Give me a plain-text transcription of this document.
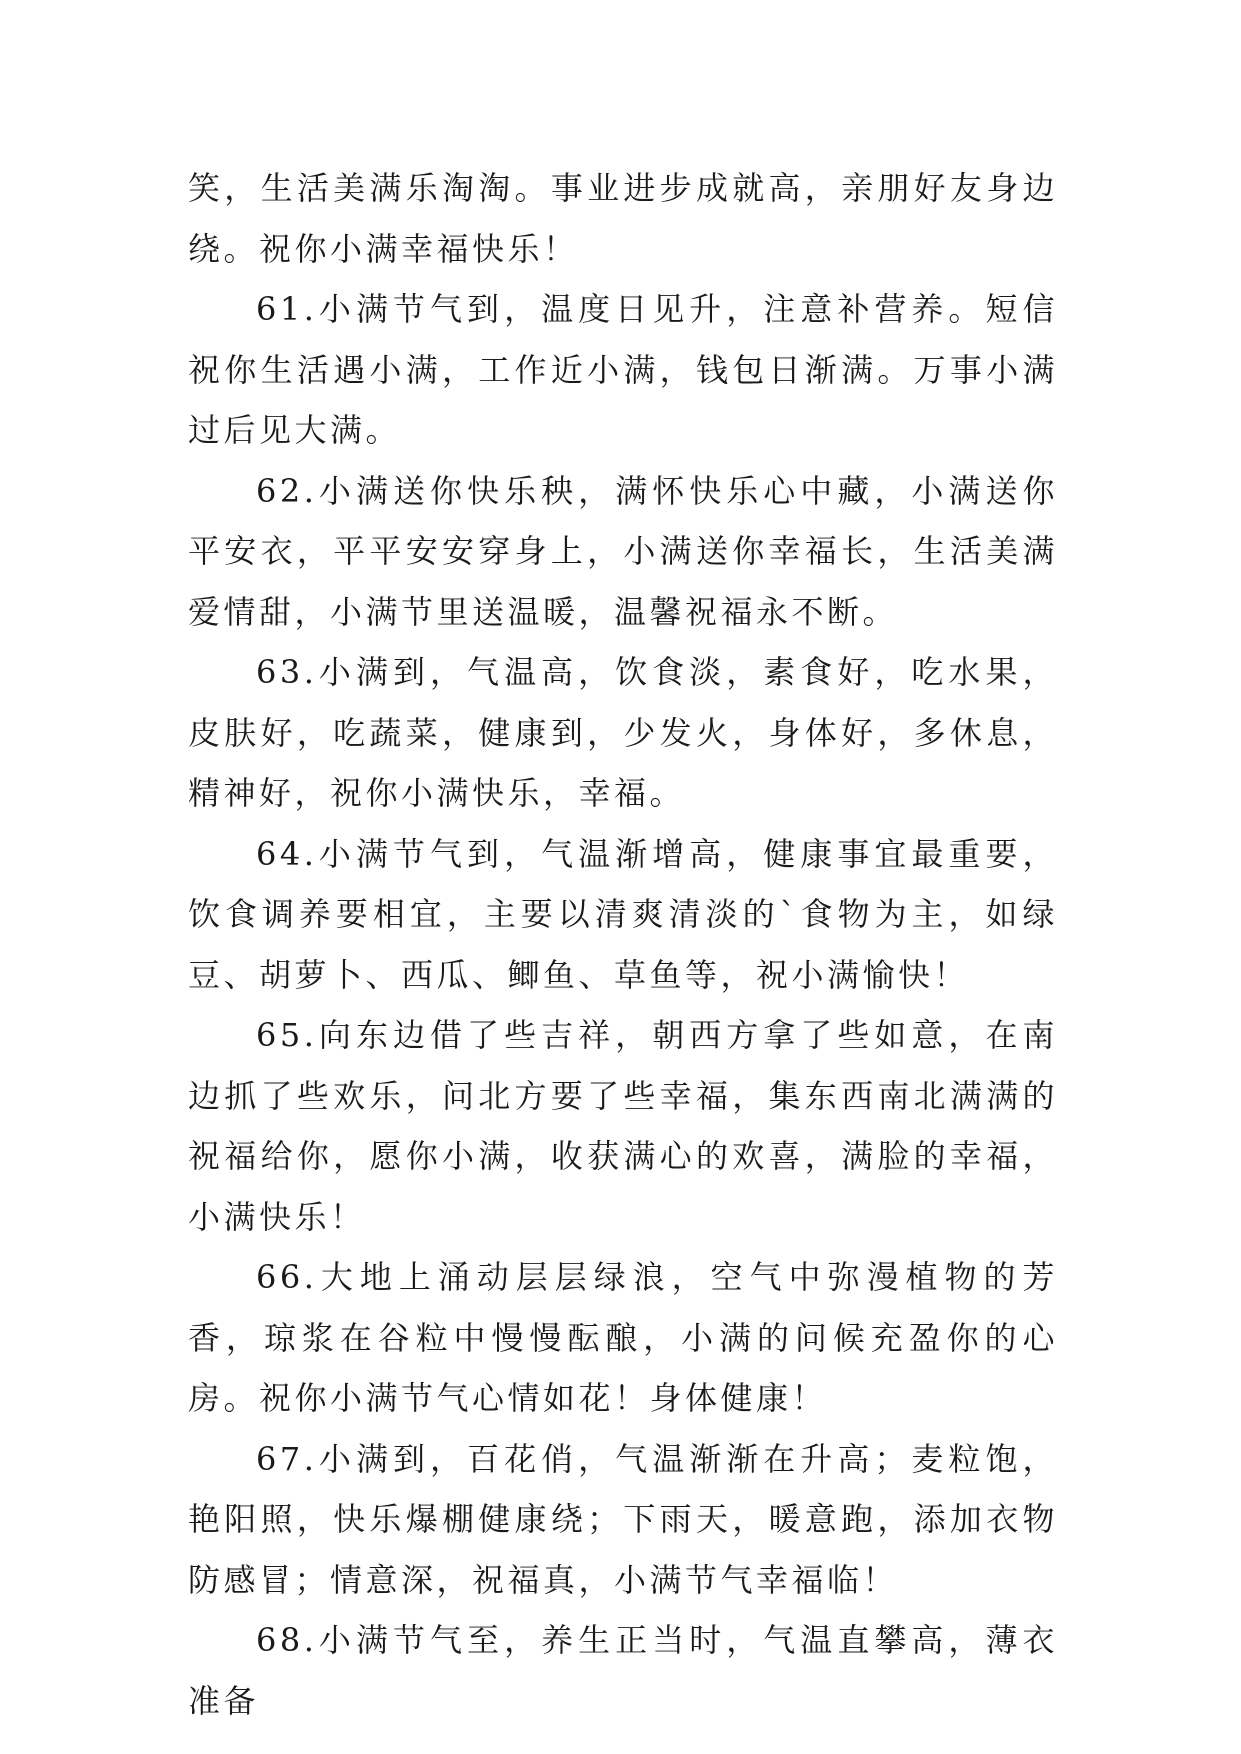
笑，生活美满乐淘淘。事业进步成就高，亲朋好友身边绕。祝你小满幸福快乐！

61.小满节气到，温度日见升，注意补营养。短信祝你生活遇小满，工作近小满，钱包日渐满。万事小满过后见大满。

62.小满送你快乐秧，满怀快乐心中藏，小满送你平安衣，平平安安穿身上，小满送你幸福长，生活美满爱情甜，小满节里送温暖，温馨祝福永不断。

63.小满到，气温高，饮食淡，素食好，吃水果，皮肤好，吃蔬菜，健康到，少发火，身体好，多休息，精神好，祝你小满快乐，幸福。

64.小满节气到，气温渐增高，健康事宜最重要，饮食调养要相宜，主要以清爽清淡的`食物为主，如绿豆、胡萝卜、西瓜、鲫鱼、草鱼等，祝小满愉快！

65.向东边借了些吉祥，朝西方拿了些如意，在南边抓了些欢乐，问北方要了些幸福，集东西南北满满的祝福给你，愿你小满，收获满心的欢喜，满脸的幸福，小满快乐！

66.大地上涌动层层绿浪，空气中弥漫植物的芳香，琼浆在谷粒中慢慢酝酿，小满的问候充盈你的心房。祝你小满节气心情如花！身体健康！

67.小满到，百花俏，气温渐渐在升高；麦粒饱，艳阳照，快乐爆棚健康绕；下雨天，暖意跑，添加衣物防感冒；情意深，祝福真，小满节气幸福临！

68.小满节气至，养生正当时，气温直攀高，薄衣准备
